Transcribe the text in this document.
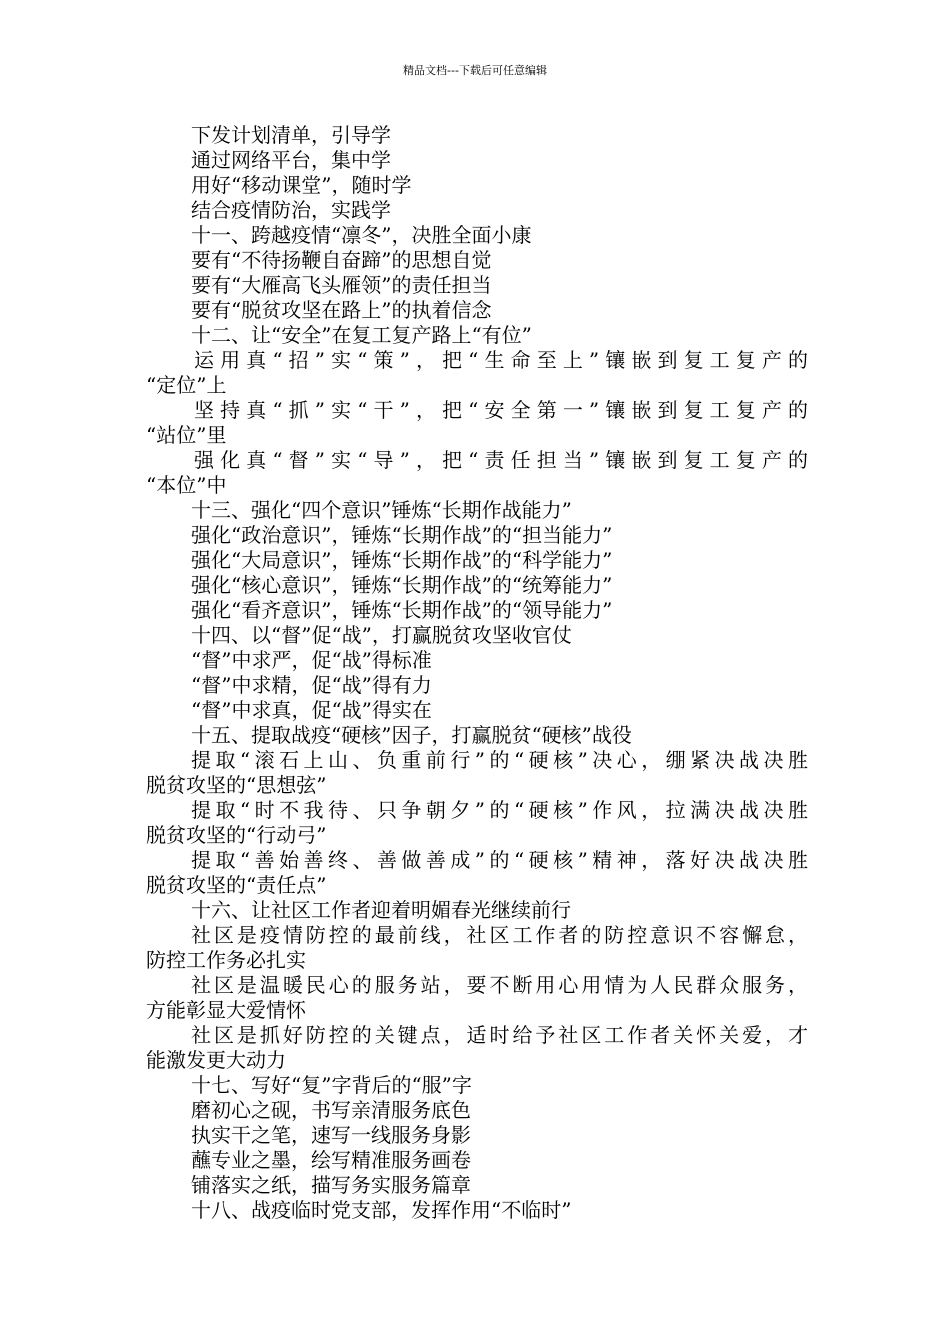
精品文档---下载后可任意编辑
下发计划清单，引导学
通过网络平台，集中学
用好“移动课堂”，随时学
结合疫情防治，实践学
十一、跨越疫情“凛冬”，决胜全面小康
要有“不待扬鞭自奋蹄”的思想自觉
要有“大雁高飞头雁领”的责任担当
要有“脱贫攻坚在路上”的执着信念
十二、让“安全”在复工复产路上“有位”
运用真“招”实“策”，把“生命至上”镶嵌到复工复产的
“定位”上
坚持真“抓”实“干”，把“安全第一”镶嵌到复工复产的
“站位”里
强化真“督”实“导”，把“责任担当”镶嵌到复工复产的
“本位”中
十三、强化“四个意识”锤炼“长期作战能力”
强化“政治意识”，锤炼“长期作战”的“担当能力”
强化“大局意识”，锤炼“长期作战”的“科学能力”
强化“核心意识”，锤炼“长期作战”的“统筹能力”
强化“看齐意识”，锤炼“长期作战”的“领导能力”
十四、以“督”促“战”，打赢脱贫攻坚收官仗
“督”中求严，促“战”得标准
“督”中求精，促“战”得有力
“督”中求真，促“战”得实在
十五、提取战疫“硬核”因子，打赢脱贫“硬核”战役
提取“滚石上山、负重前行”的“硬核”决心，绷紧决战决胜
脱贫攻坚的“思想弦”
提取“时不我待、只争朝夕”的“硬核”作风，拉满决战决胜
脱贫攻坚的“行动弓”
提取“善始善终、善做善成”的“硬核”精神，落好决战决胜
脱贫攻坚的“责任点”
十六、让社区工作者迎着明媚春光继续前行
社区是疫情防控的最前线，社区工作者的防控意识不容懈怠，
防控工作务必扎实
社区是温暖民心的服务站，要不断用心用情为人民群众服务，
方能彰显大爱情怀
社区是抓好防控的关键点，适时给予社区工作者关怀关爱，才
能激发更大动力
十七、写好“复”字背后的“服”字
磨初心之砚，书写亲清服务底色
执实干之笔，速写一线服务身影
蘸专业之墨，绘写精准服务画卷
铺落实之纸，描写务实服务篇章
十八、战疫临时党支部，发挥作用“不临时”
